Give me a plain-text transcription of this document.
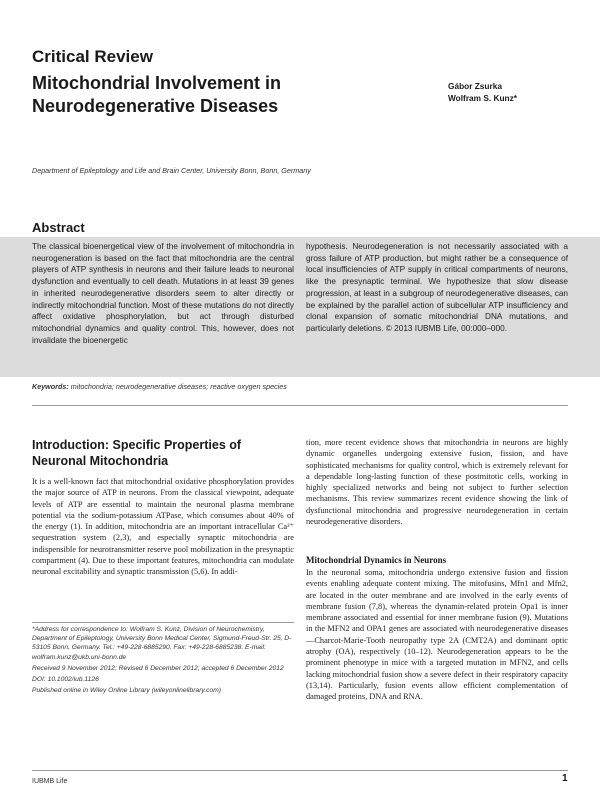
Critical Review
Mitochondrial Involvement in Neurodegenerative Diseases
Gábor Zsurka
Wolfram S. Kunz*
Department of Epileptology and Life and Brain Center, University Bonn, Bonn, Germany
Abstract

The classical bioenergetical view of the involvement of mitochondria in neurogeneration is based on the fact that mitochondria are the central players of ATP synthesis in neurons and their failure leads to neuronal dysfunction and eventually to cell death. Mutations in at least 39 genes in inherited neurodegenerative disorders seem to alter directly or indirectly mitochondrial function. Most of these mutations do not directly affect oxidative phosphorylation, but act through disturbed mitochondrial dynamics and quality control. This, however, does not invalidate the bioenergetic

hypothesis. Neurodegeneration is not necessarily associated with a gross failure of ATP production, but might rather be a consequence of local insufficiencies of ATP supply in critical compartments of neurons, like the presynaptic terminal. We hypothesize that slow disease progression, at least in a subgroup of neurodegenerative diseases, can be explained by the parallel action of subcellular ATP insufficiency and clonal expansion of somatic mitochondrial DNA mutations, and particularly deletions. © 2013 IUBMB Life, 00:000–000.

Keywords: mitochondria; neurodegenerative diseases; reactive oxygen species
Introduction: Specific Properties of Neuronal Mitochondria

It is a well-known fact that mitochondrial oxidative phosphorylation provides the major source of ATP in neurons. From the classical viewpoint, adequate levels of ATP are essential to maintain the neuronal plasma membrane potential via the sodium-potassium ATPase, which consumes about 40% of the energy (1). In addition, mitochondria are an important intracellular Ca²⁺ sequestration system (2,3), and especially synaptic mitochondria are indispensible for neurotransmitter reserve pool mobilization in the presynaptic compartment (4). Due to these important features, mitochondria can modulate neuronal excitability and synaptic transmission (5,6). In addi-

tion, more recent evidence shows that mitochondria in neurons are highly dynamic organelles undergoing extensive fusion, fission, and have sophisticated mechanisms for quality control, which is extremely relevant for a dependable long-lasting function of these postmitotic cells, working in highly specialized networks and being not subject to further selection mechanisms. This review summarizes recent evidence showing the link of dysfunctional mitochondria and progressive neurodegeneration in certain neurodegenerative disorders.

Mitochondrial Dynamics in Neurons

In the neuronal soma, mitochondria undergo extensive fusion and fission events enabling adequate content mixing. The mitofusins, Mfn1 and Mfn2, are located in the outer membrane and are involved in the early events of membrane fusion (7,8), whereas the dynamin-related protein Opa1 is inner membrane associated and essential for inner membrane fusion (9). Mutations in the MFN2 and OPA1 genes are associated with neurodegenerative diseases—Charcot-Marie-Tooth neuropathy type 2A (CMT2A) and dominant optic atrophy (OA), respectively (10–12). Neurodegeneration appears to be the prominent phenotype in mice with a targeted mutation in MFN2, and cells lacking mitochondrial fusion show a severe defect in their respiratory capacity (13,14). Particularly, fusion events allow efficient complementation of damaged proteins, DNA and RNA.

*Address for correspondence to: Wolfram S. Kunz, Division of Neurochemistry, Department of Epileptology, University Bonn Medical Center, Sigmund-Freud-Str. 25, D-53105 Bonn, Germany. Tel.: +49-228-6885290. Fax: +49-228-6885238. E-mail: wolfram.kunz@ukb.uni-bonn.de

Received 9 November 2012; Revised 6 December 2012; accepted 6 December 2012

DOI: 10.1002/iub.1126

Published online in Wiley Online Library (wileyonlinelibrary.com)

IUBMB Life	1
